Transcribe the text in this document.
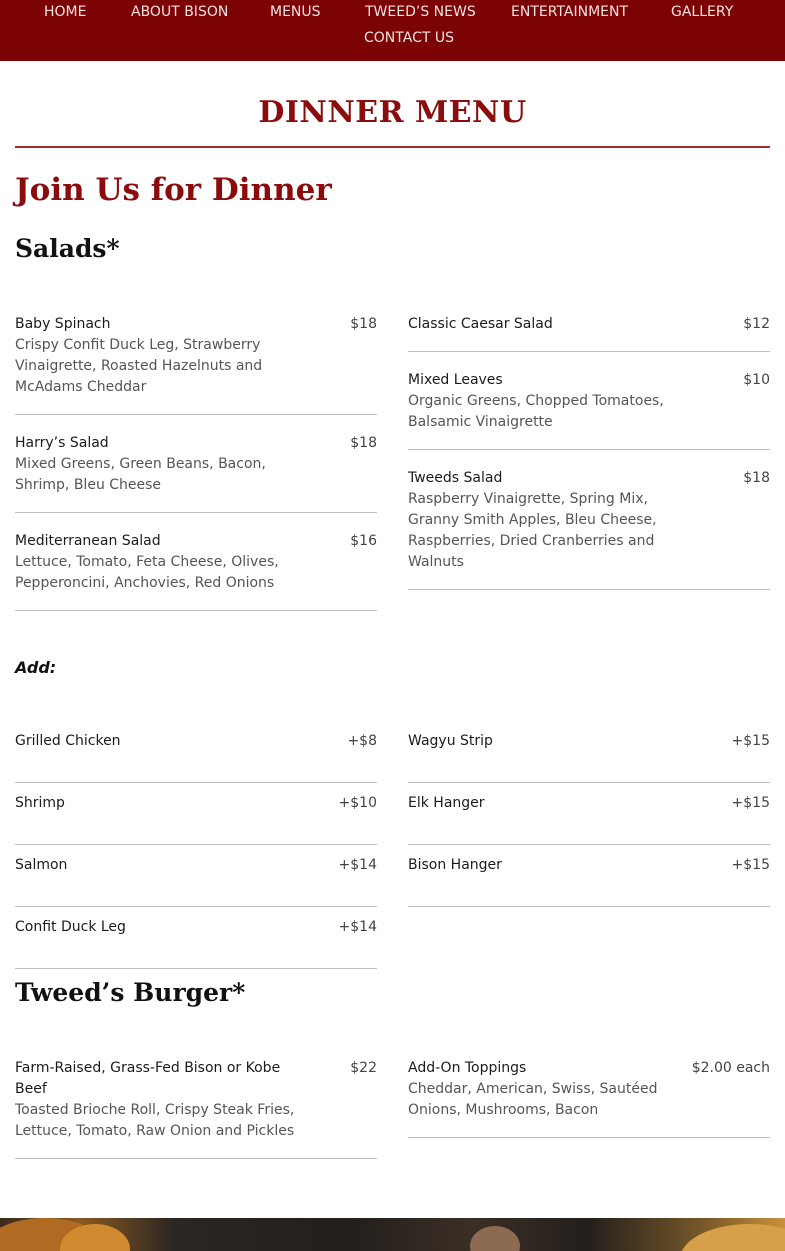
HOME	ABOUT BISON	MENUS	TWEED’S NEWS	ENTERTAINMENT	GALLERY
CONTACT US
DINNER MENU
Join Us for Dinner
Salads*
Baby Spinach	$18
Crispy Confit Duck Leg, Strawberry Vinaigrette, Roasted Hazelnuts and McAdams Cheddar
Harry’s Salad	$18
Mixed Greens, Green Beans, Bacon, Shrimp, Bleu Cheese
Mediterranean Salad	$16
Lettuce, Tomato, Feta Cheese, Olives, Pepperoncini, Anchovies, Red Onions
Classic Caesar Salad	$12
Mixed Leaves	$10
Organic Greens, Chopped Tomatoes, Balsamic Vinaigrette
Tweeds Salad	$18
Raspberry Vinaigrette, Spring Mix, Granny Smith Apples, Bleu Cheese, Raspberries, Dried Cranberries and Walnuts
Add:
Grilled Chicken	+$8
Shrimp	+$10
Salmon	+$14
Confit Duck Leg	+$14
Wagyu Strip	+$15
Elk Hanger	+$15
Bison Hanger	+$15
Tweed’s Burger*
Farm-Raised, Grass-Fed Bison or Kobe Beef
$22
Toasted Brioche Roll, Crispy Steak Fries, Lettuce, Tomato, Raw Onion and Pickles
Add-On Toppings	$2.00 each
Cheddar, American, Swiss, Sautéed Onions, Mushrooms, Bacon
